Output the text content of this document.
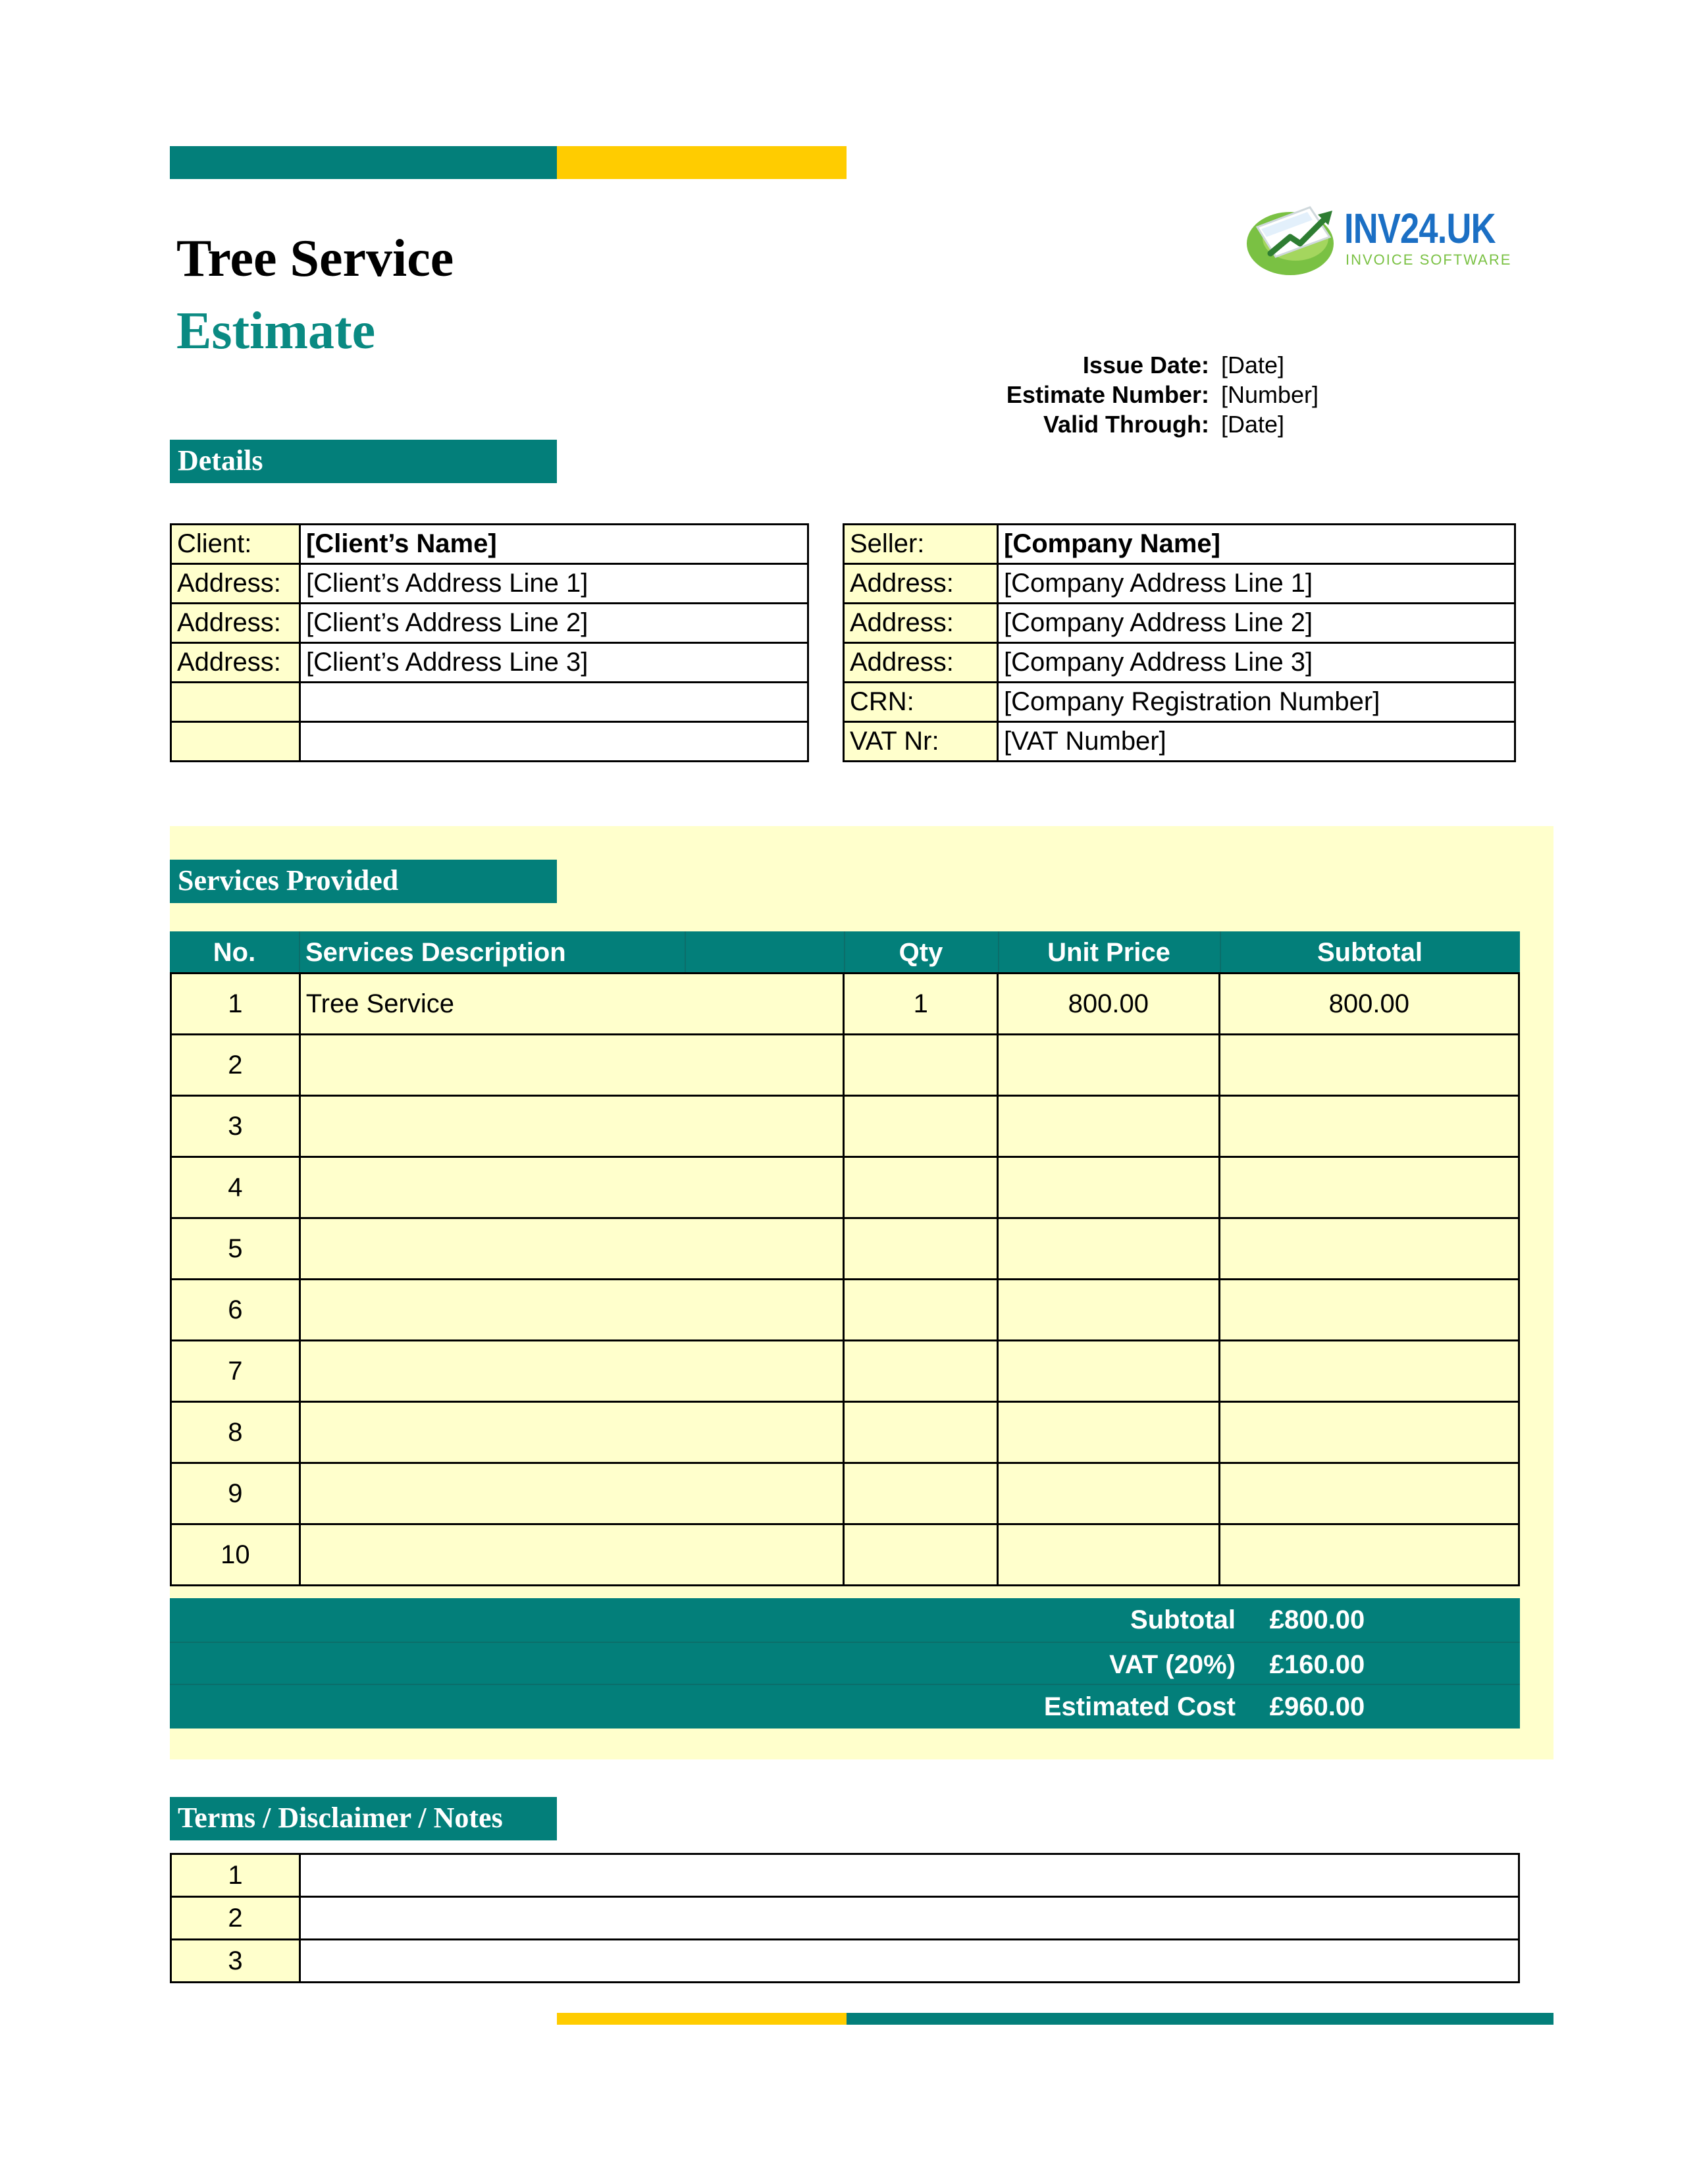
Tree Service
Estimate
INV24.UK
INVOICE SOFTWARE
Issue Date: [Date]
Estimate Number: [Number]
Valid Through: [Date]
Details
Client:	[Client’s Name]
Address:	[Client’s Address Line 1]
Address:	[Client’s Address Line 2]
Address:	[Client’s Address Line 3]

Seller:	[Company Name]
Address:	[Company Address Line 1]
Address:	[Company Address Line 2]
Address:	[Company Address Line 3]
CRN:	[Company Registration Number]
VAT Nr:	[VAT Number]
Services Provided
No.	Services Description	Qty	Unit Price	Subtotal
1	Tree Service	1	800.00	800.00
2				
3				
4				
5				
6				
7				
8				
9				
10				
Subtotal	£800.00
VAT (20%)	£160.00
Estimated Cost	£960.00
Terms / Disclaimer / Notes
1	
2	
3	
